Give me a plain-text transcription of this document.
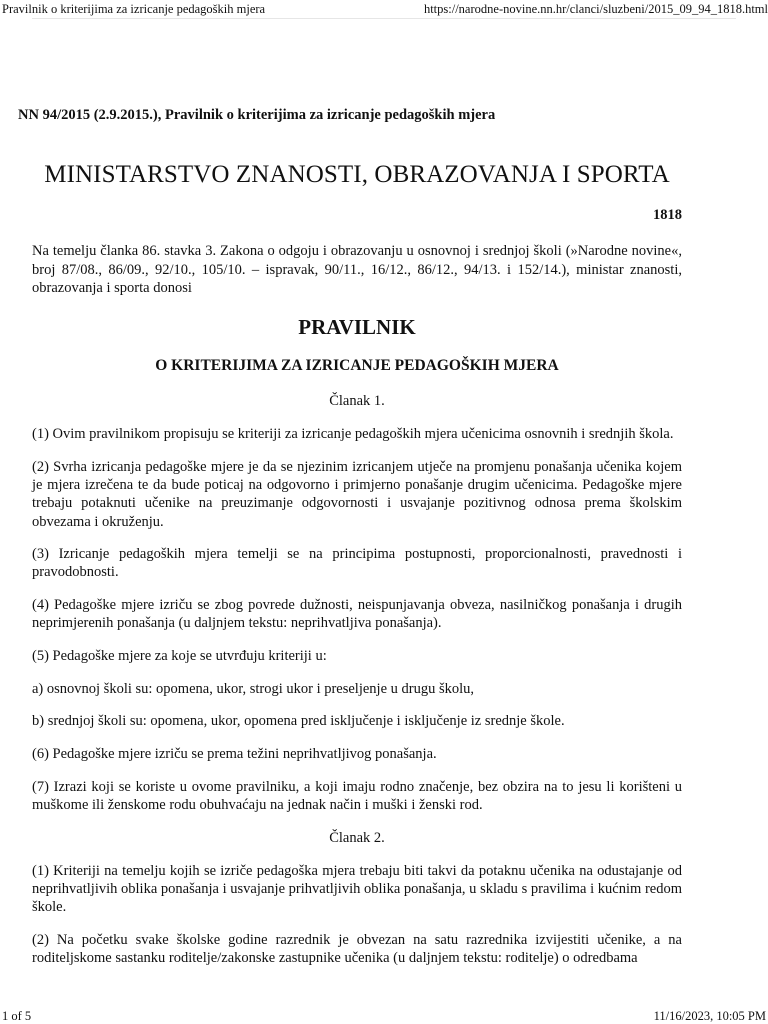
Pravilnik o kriterijima za izricanje pedagoških mjera	https://narodne-novine.nn.hr/clanci/sluzbeni/2015_09_94_1818.html
NN 94/2015 (2.9.2015.), Pravilnik o kriterijima za izricanje pedagoških mjera
MINISTARSTVO ZNANOSTI, OBRAZOVANJA I SPORTA
1818
Na temelju članka 86. stavka 3. Zakona o odgoju i obrazovanju u osnovnoj i srednjoj školi (»Narodne novine«, broj 87/08., 86/09., 92/10., 105/10. – ispravak, 90/11., 16/12., 86/12., 94/13. i 152/14.), ministar znanosti, obrazovanja i sporta donosi
PRAVILNIK
O KRITERIJIMA ZA IZRICANJE PEDAGOŠKIH MJERA

Članak 1.

(1) Ovim pravilnikom propisuju se kriteriji za izricanje pedagoških mjera učenicima osnovnih i srednjih škola.

(2) Svrha izricanja pedagoške mjere je da se njezinim izricanjem utječe na promjenu ponašanja učenika kojem je mjera izrečena te da bude poticaj na odgovorno i primjerno ponašanje drugim učenicima. Pedagoške mjere trebaju potaknuti učenike na preuzimanje odgovornosti i usvajanje pozitivnog odnosa prema školskim obvezama i okruženju.

(3) Izricanje pedagoških mjera temelji se na principima postupnosti, proporcionalnosti, pravednosti i pravodobnosti.

(4) Pedagoške mjere izriču se zbog povrede dužnosti, neispunjavanja obveza, nasilničkog ponašanja i drugih neprimjerenih ponašanja (u daljnjem tekstu: neprihvatljiva ponašanja).

(5) Pedagoške mjere za koje se utvrđuju kriteriji u:

a) osnovnoj školi su: opomena, ukor, strogi ukor i preseljenje u drugu školu,

b) srednjoj školi su: opomena, ukor, opomena pred isključenje i isključenje iz srednje škole.

(6) Pedagoške mjere izriču se prema težini neprihvatljivog ponašanja.

(7) Izrazi koji se koriste u ovome pravilniku, a koji imaju rodno značenje, bez obzira na to jesu li korišteni u muškome ili ženskome rodu obuhvaćaju na jednak način i muški i ženski rod.

Članak 2.

(1) Kriteriji na temelju kojih se izriče pedagoška mjera trebaju biti takvi da potaknu učenika na odustajanje od neprihvatljivih oblika ponašanja i usvajanje prihvatljivih oblika ponašanja, u skladu s pravilima i kućnim redom škole.

(2) Na početku svake školske godine razrednik je obvezan na satu razrednika izvijestiti učenike, a na roditeljskome sastanku roditelje/zakonske zastupnike učenika (u daljnjem tekstu: roditelje) o odredbama

1 of 5	11/16/2023, 10:05 PM
